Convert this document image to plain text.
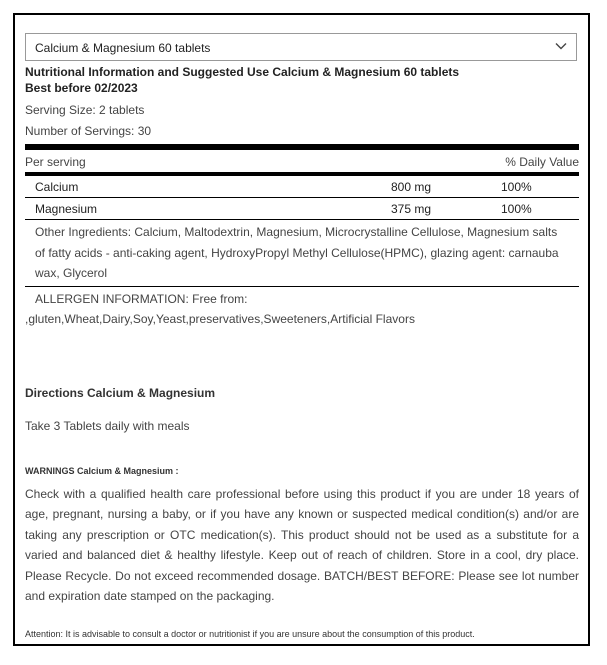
Calcium & Magnesium 60 tablets
Nutritional Information and Suggested Use Calcium & Magnesium 60 tablets
Best before 02/2023
Serving Size: 2 tablets
Number of Servings: 30
Per serving	% Daily Value
Calcium	800 mg	100%
Magnesium	375 mg	100%
Other Ingredients: Calcium, Maltodextrin, Magnesium, Microcrystalline Cellulose, Magnesium salts of fatty acids - anti-caking agent, HydroxyPropyl Methyl Cellulose(HPMC), glazing agent: carnauba wax, Glycerol
ALLERGEN INFORMATION: Free from:
,gluten,Wheat,Dairy,Soy,Yeast,preservatives,Sweeteners,Artificial Flavors
Directions Calcium & Magnesium
Take 3 Tablets daily with meals
WARNINGS Calcium & Magnesium :
Check with a qualified health care professional before using this product if you are under 18 years of age, pregnant, nursing a baby, or if you have any known or suspected medical condition(s) and/or are taking any prescription or OTC medication(s). This product should not be used as a substitute for a varied and balanced diet & healthy lifestyle. Keep out of reach of children. Store in a cool, dry place. Please Recycle. Do not exceed recommended dosage. BATCH/BEST BEFORE: Please see lot number and expiration date stamped on the packaging.
Attention: It is advisable to consult a doctor or nutritionist if you are unsure about the consumption of this product.
